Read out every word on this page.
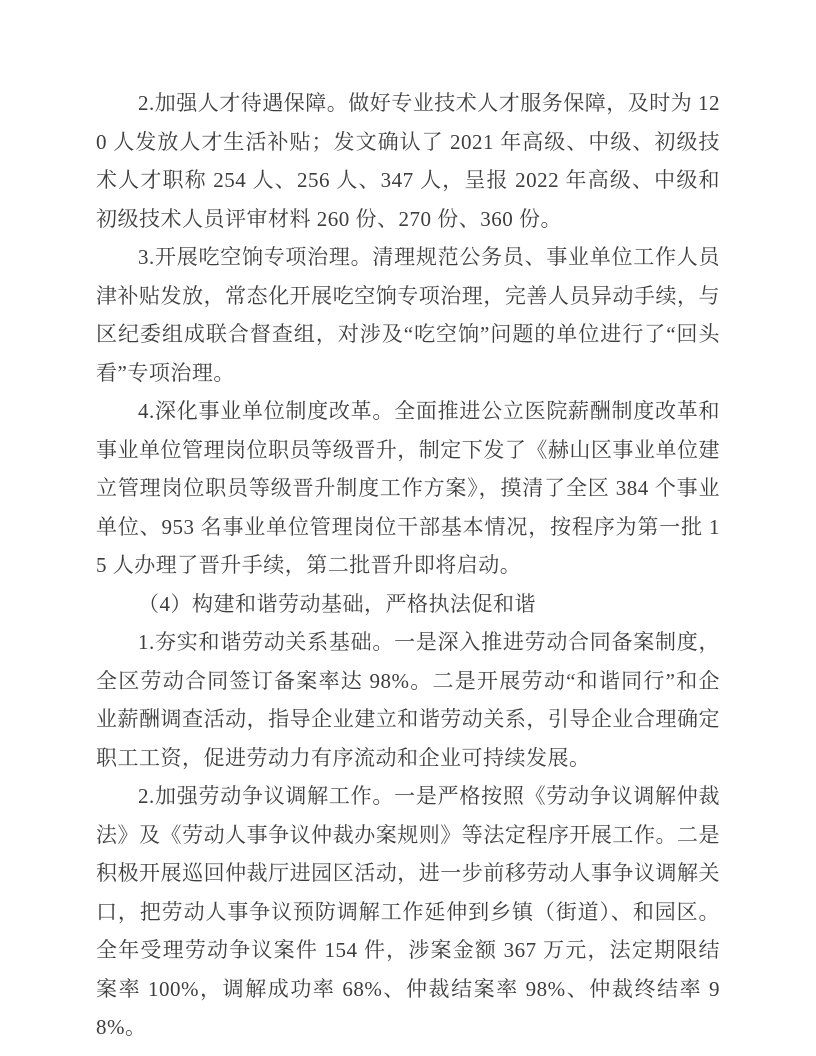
2.加强人才待遇保障。做好专业技术人才服务保障，及时为 120 人发放人才生活补贴；发文确认了 2021 年高级、中级、初级技术人才职称 254 人、256 人、347 人，呈报 2022 年高级、中级和初级技术人员评审材料 260 份、270 份、360 份。

3.开展吃空饷专项治理。清理规范公务员、事业单位工作人员津补贴发放，常态化开展吃空饷专项治理，完善人员异动手续，与区纪委组成联合督查组，对涉及“吃空饷”问题的单位进行了“回头看”专项治理。

4.深化事业单位制度改革。全面推进公立医院薪酬制度改革和事业单位管理岗位职员等级晋升，制定下发了《赫山区事业单位建立管理岗位职员等级晋升制度工作方案》，摸清了全区 384 个事业单位、953 名事业单位管理岗位干部基本情况，按程序为第一批 15 人办理了晋升手续，第二批晋升即将启动。

（4）构建和谐劳动基础，严格执法促和谐

1.夯实和谐劳动关系基础。一是深入推进劳动合同备案制度，全区劳动合同签订备案率达 98%。二是开展劳动“和谐同行”和企业薪酬调查活动，指导企业建立和谐劳动关系，引导企业合理确定职工工资，促进劳动力有序流动和企业可持续发展。

2.加强劳动争议调解工作。一是严格按照《劳动争议调解仲裁法》及《劳动人事争议仲裁办案规则》等法定程序开展工作。二是积极开展巡回仲裁厅进园区活动，进一步前移劳动人事争议调解关口，把劳动人事争议预防调解工作延伸到乡镇（街道）、和园区。全年受理劳动争议案件 154 件，涉案金额 367 万元，法定期限结案率 100%，调解成功率 68%、仲裁结案率 98%、仲裁终结率 98%。
